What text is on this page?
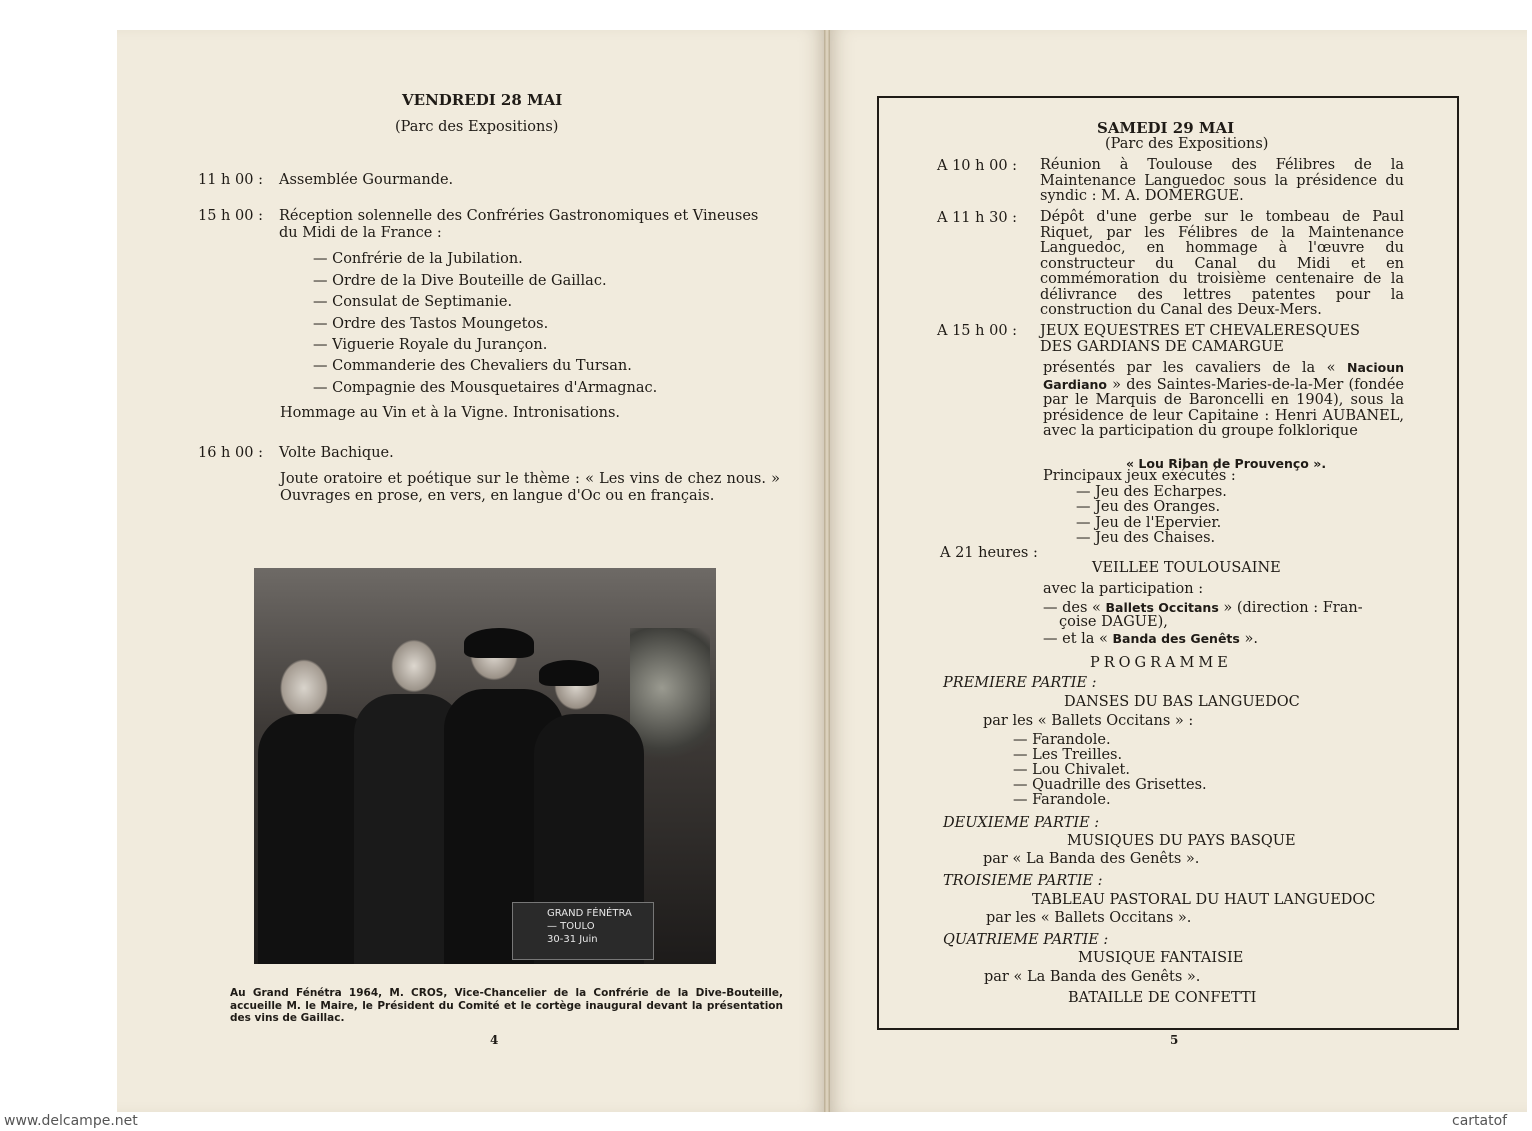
VENDREDI 28 MAI
(Parc des Expositions)
11 h 00 : Assemblée Gourmande.
15 h 00 : Réception solennelle des Confréries Gastronomiques et Vineuses
du Midi de la France :
— Confrérie de la Jubilation.
— Ordre de la Dive Bouteille de Gaillac.
— Consulat de Septimanie.
— Ordre des Tastos Moungetos.
— Viguerie Royale du Jurançon.
— Commanderie des Chevaliers du Tursan.
— Compagnie des Mousquetaires d'Armagnac.
Hommage au Vin et à la Vigne. Intronisations.
16 h 00 : Volte Bachique.
Joute oratoire et poétique sur le thème : « Les vins de chez nous. » Ouvrages en prose, en vers, en langue d'Oc ou en français.
GRAND FÉNÉTRA
— TOULO
30-31 Juin
Au Grand Fénétra 1964, M. CROS, Vice-Chancelier de la Confrérie de la Dive-Bouteille, accueille M. le Maire, le Président du Comité et le cortège inaugural devant la présentation des vins de Gaillac.
4
SAMEDI 29 MAI
(Parc des Expositions)
A 10 h 00 : Réunion à Toulouse des Félibres de la Maintenance Languedoc sous la présidence du syndic : M. A. DOMERGUE.
A 11 h 30 : Dépôt d'une gerbe sur le tombeau de Paul Riquet, par les Félibres de la Maintenance Languedoc, en hommage à l'œuvre du constructeur du Canal du Midi et en commémoration du troisième centenaire de la délivrance des lettres patentes pour la construction du Canal des Deux-Mers.
A 15 h 00 : JEUX EQUESTRES ET CHEVALERESQUES
DES GARDIANS DE CAMARGUE
présentés par les cavaliers de la « Nacioun Gardiano » des Saintes-Maries-de-la-Mer (fondée par le Marquis de Baroncelli en 1904), sous la présidence de leur Capitaine : Henri AUBANEL, avec la participation du groupe folklorique
« Lou Riban de Prouvenço ».
Principaux jeux exécutés :
— Jeu des Echarpes.
— Jeu des Oranges.
— Jeu de l'Epervier.
— Jeu des Chaises.
A 21 heures :
VEILLEE TOULOUSAINE
avec la participation :
— des « Ballets Occitans » (direction : Fran-
çoise DAGUE),
— et la « Banda des Genêts ».
PROGRAMME
PREMIERE PARTIE :
DANSES DU BAS LANGUEDOC
par les « Ballets Occitans » :
— Farandole.
— Les Treilles.
— Lou Chivalet.
— Quadrille des Grisettes.
— Farandole.
DEUXIEME PARTIE :
MUSIQUES DU PAYS BASQUE
par « La Banda des Genêts ».
TROISIEME PARTIE :
TABLEAU PASTORAL DU HAUT LANGUEDOC
par les « Ballets Occitans ».
QUATRIEME PARTIE :
MUSIQUE FANTAISIE
par « La Banda des Genêts ».
BATAILLE DE CONFETTI
5
www.delcampe.net	cartatof
